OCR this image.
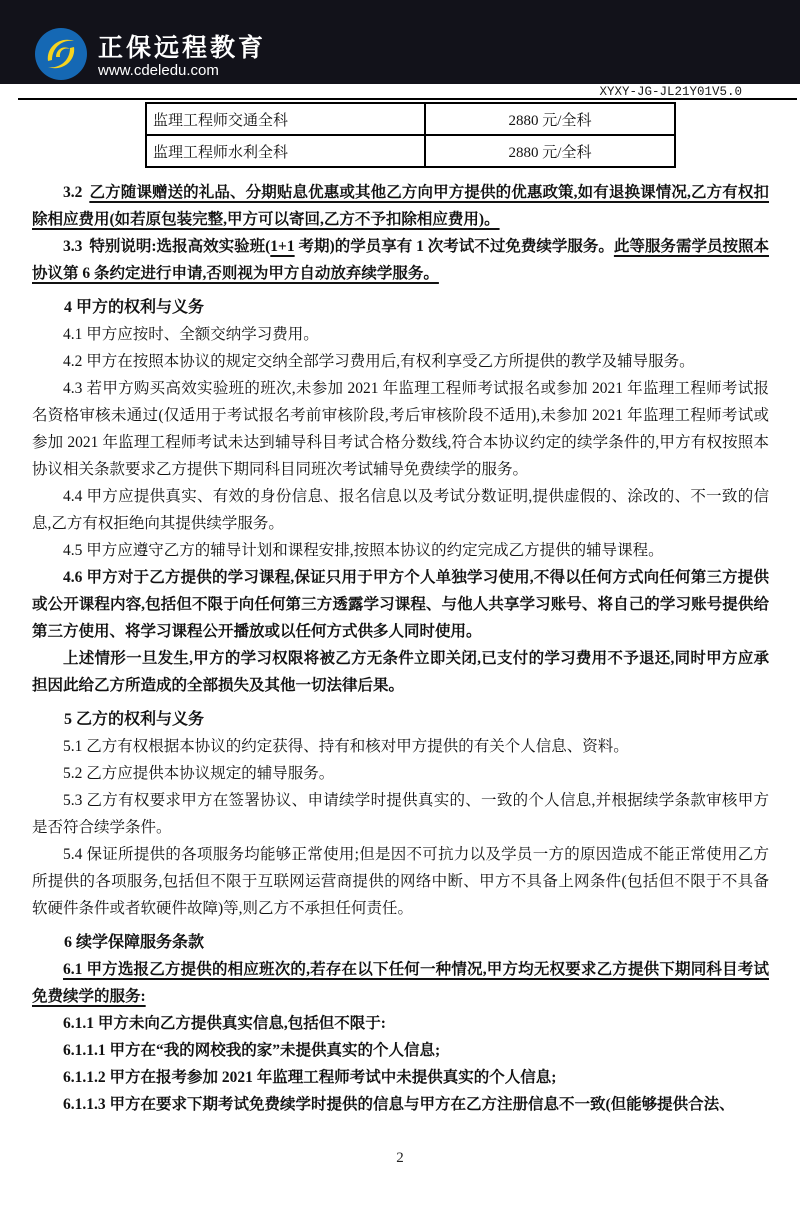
正保远程教育
www.cdeledu.com
XYXY-JG-JL21Y01V5.0
监理工程师交通全科	2880 元/全科
监理工程师水利全科	2880 元/全科

3.2 乙方随课赠送的礼品、分期贴息优惠或其他乙方向甲方提供的优惠政策,如有退换课情况,乙方有权扣除相应费用(如若原包装完整,甲方可以寄回,乙方不予扣除相应费用)。

3.3 特别说明:选报高效实验班(1+1 考期)的学员享有 1 次考试不过免费续学服务。此等服务需学员按照本协议第 6 条约定进行申请,否则视为甲方自动放弃续学服务。

4 甲方的权利与义务

4.1 甲方应按时、全额交纳学习费用。

4.2 甲方在按照本协议的规定交纳全部学习费用后,有权利享受乙方所提供的教学及辅导服务。

4.3 若甲方购买高效实验班的班次,未参加 2021 年监理工程师考试报名或参加 2021 年监理工程师考试报名资格审核未通过(仅适用于考试报名考前审核阶段,考后审核阶段不适用),未参加 2021 年监理工程师考试或参加 2021 年监理工程师考试未达到辅导科目考试合格分数线,符合本协议约定的续学条件的,甲方有权按照本协议相关条款要求乙方提供下期同科目同班次考试辅导免费续学的服务。

4.4 甲方应提供真实、有效的身份信息、报名信息以及考试分数证明,提供虚假的、涂改的、不一致的信息,乙方有权拒绝向其提供续学服务。

4.5 甲方应遵守乙方的辅导计划和课程安排,按照本协议的约定完成乙方提供的辅导课程。

4.6 甲方对于乙方提供的学习课程,保证只用于甲方个人单独学习使用,不得以任何方式向任何第三方提供或公开课程内容,包括但不限于向任何第三方透露学习课程、与他人共享学习账号、将自己的学习账号提供给第三方使用、将学习课程公开播放或以任何方式供多人同时使用。

上述情形一旦发生,甲方的学习权限将被乙方无条件立即关闭,已支付的学习费用不予退还,同时甲方应承担因此给乙方所造成的全部损失及其他一切法律后果。

5 乙方的权利与义务

5.1 乙方有权根据本协议的约定获得、持有和核对甲方提供的有关个人信息、资料。

5.2 乙方应提供本协议规定的辅导服务。

5.3 乙方有权要求甲方在签署协议、申请续学时提供真实的、一致的个人信息,并根据续学条款审核甲方是否符合续学条件。

5.4 保证所提供的各项服务均能够正常使用;但是因不可抗力以及学员一方的原因造成不能正常使用乙方所提供的各项服务,包括但不限于互联网运营商提供的网络中断、甲方不具备上网条件(包括但不限于不具备软硬件条件或者软硬件故障)等,则乙方不承担任何责任。

6 续学保障服务条款

6.1 甲方选报乙方提供的相应班次的,若存在以下任何一种情况,甲方均无权要求乙方提供下期同科目考试免费续学的服务:

6.1.1 甲方未向乙方提供真实信息,包括但不限于:

6.1.1.1 甲方在“我的网校我的家”未提供真实的个人信息;

6.1.1.2 甲方在报考参加 2021 年监理工程师考试中未提供真实的个人信息;

6.1.1.3 甲方在要求下期考试免费续学时提供的信息与甲方在乙方注册信息不一致(但能够提供合法、

2
